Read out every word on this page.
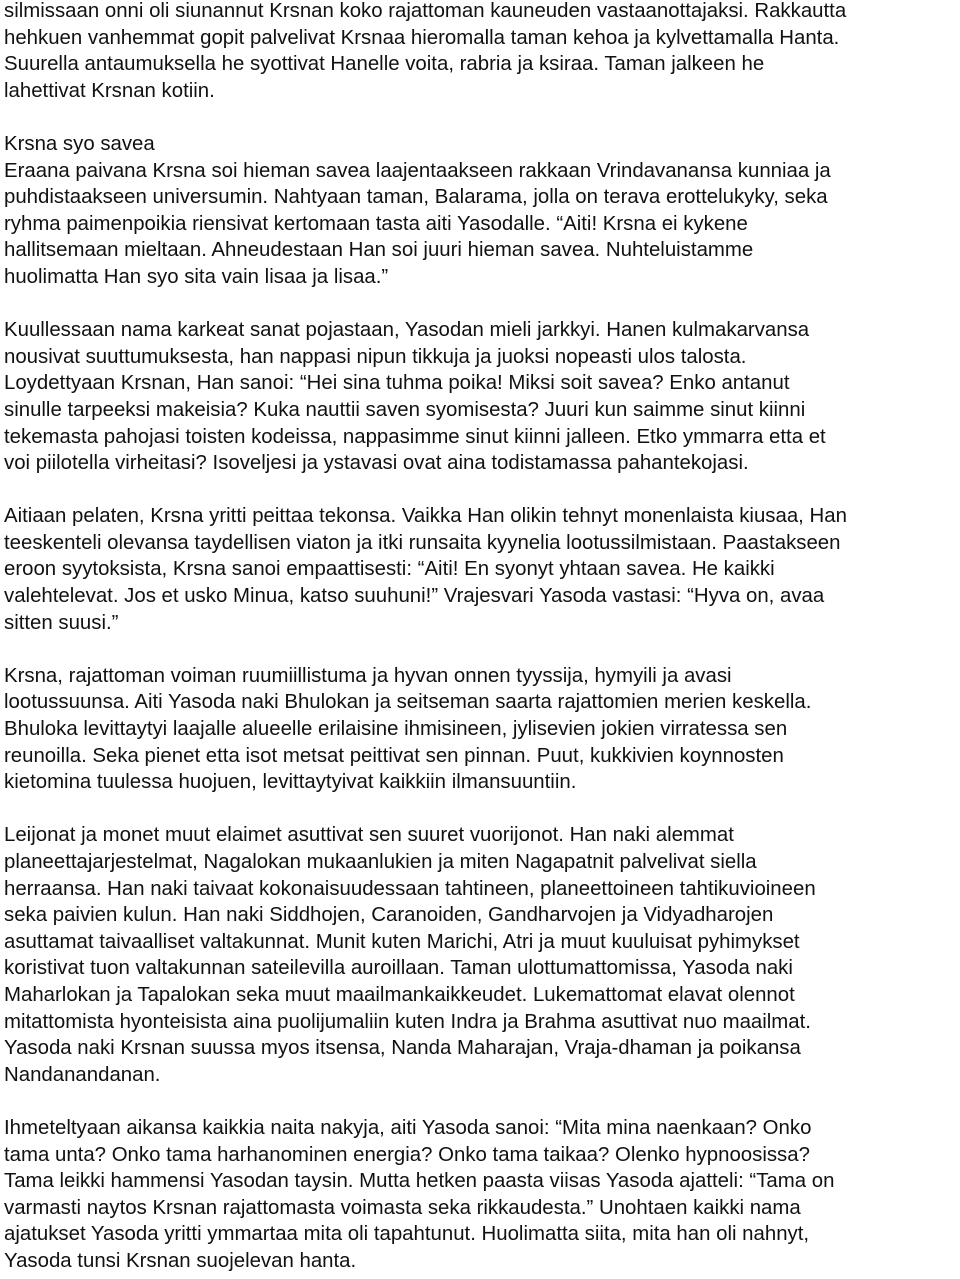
silmissaan onni oli siunannut Krsnan koko rajattoman kauneuden vastaanottajaksi. Rakkautta
hehkuen vanhemmat gopit palvelivat Krsnaa hieromalla taman kehoa ja kylvettamalla Hanta.
Suurella antaumuksella he syottivat Hanelle voita, rabria ja ksiraa. Taman jalkeen he
lahettivat Krsnan kotiin.

Krsna syo savea

Eraana paivana Krsna soi hieman savea laajentaakseen rakkaan Vrindavanansa kunniaa ja
puhdistaakseen universumin. Nahtyaan taman, Balarama, jolla on terava erottelukyky, seka
ryhma paimenpoikia riensivat kertomaan tasta aiti Yasodalle. “Aiti! Krsna ei kykene
hallitsemaan mieltaan. Ahneudestaan Han soi juuri hieman savea. Nuhteluistamme
huolimatta Han syo sita vain lisaa ja lisaa.”

Kuullessaan nama karkeat sanat pojastaan, Yasodan mieli jarkkyi. Hanen kulmakarvansa
nousivat suuttumuksesta, han nappasi nipun tikkuja ja juoksi nopeasti ulos talosta.
Loydettyaan Krsnan, Han sanoi: “Hei sina tuhma poika! Miksi soit savea? Enko antanut
sinulle tarpeeksi makeisia? Kuka nauttii saven syomisesta? Juuri kun saimme sinut kiinni
tekemasta pahojasi toisten kodeissa, nappasimme sinut kiinni jalleen. Etko ymmarra etta et
voi piilotella virheitasi? Isoveljesi ja ystavasi ovat aina todistamassa pahantekojasi.

Aitiaan pelaten, Krsna yritti peittaa tekonsa. Vaikka Han olikin tehnyt monenlaista kiusaa, Han
teeskenteli olevansa taydellisen viaton ja itki runsaita kyynelia lootussilmistaan. Paastakseen
eroon syytoksista, Krsna sanoi empaattisesti: “Aiti! En syonyt yhtaan savea. He kaikki
valehtelevat. Jos et usko Minua, katso suuhuni!” Vrajesvari Yasoda vastasi: “Hyva on, avaa
sitten suusi.”

Krsna, rajattoman voiman ruumiillistuma ja hyvan onnen tyyssija, hymyili ja avasi
lootussuunsa. Aiti Yasoda naki Bhulokan ja seitseman saarta rajattomien merien keskella.
Bhuloka levittaytyi laajalle alueelle erilaisine ihmisineen, jylisevien jokien virratessa sen
reunoilla. Seka pienet etta isot metsat peittivat sen pinnan. Puut, kukkivien koynnosten
kietomina tuulessa huojuen, levittaytyivat kaikkiin ilmansuuntiin.

Leijonat ja monet muut elaimet asuttivat sen suuret vuorijonot. Han naki alemmat
planeettajarjestelmat, Nagalokan mukaanlukien ja miten Nagapatnit palvelivat siella
herraansa. Han naki taivaat kokonaisuudessaan tahtineen, planeettoineen tahtikuvioineen
seka paivien kulun. Han naki Siddhojen, Caranoiden, Gandharvojen ja Vidyadharojen
asuttamat taivaalliset valtakunnat. Munit kuten Marichi, Atri ja muut kuuluisat pyhimykset
koristivat tuon valtakunnan sateilevilla auroillaan. Taman ulottumattomissa, Yasoda naki
Maharlokan ja Tapalokan seka muut maailmankaikkeudet. Lukemattomat elavat olennot
mitattomista hyonteisista aina puolijumaliin kuten Indra ja Brahma asuttivat nuo maailmat.
Yasoda naki Krsnan suussa myos itsensa, Nanda Maharajan, Vraja-dhaman ja poikansa
Nandanandanan.

Ihmeteltyaan aikansa kaikkia naita nakyja, aiti Yasoda sanoi: “Mita mina naenkaan? Onko
tama unta? Onko tama harhanominen energia? Onko tama taikaa? Olenko hypnoosissa?
Tama leikki hammensi Yasodan taysin. Mutta hetken paasta viisas Yasoda ajatteli: “Tama on
varmasti naytos Krsnan rajattomasta voimasta seka rikkaudesta.” Unohtaen kaikki nama
ajatukset Yasoda yritti ymmartaa mita oli tapahtunut. Huolimatta siita, mita han oli nahnyt,
Yasoda tunsi Krsnan suojelevan hanta.
